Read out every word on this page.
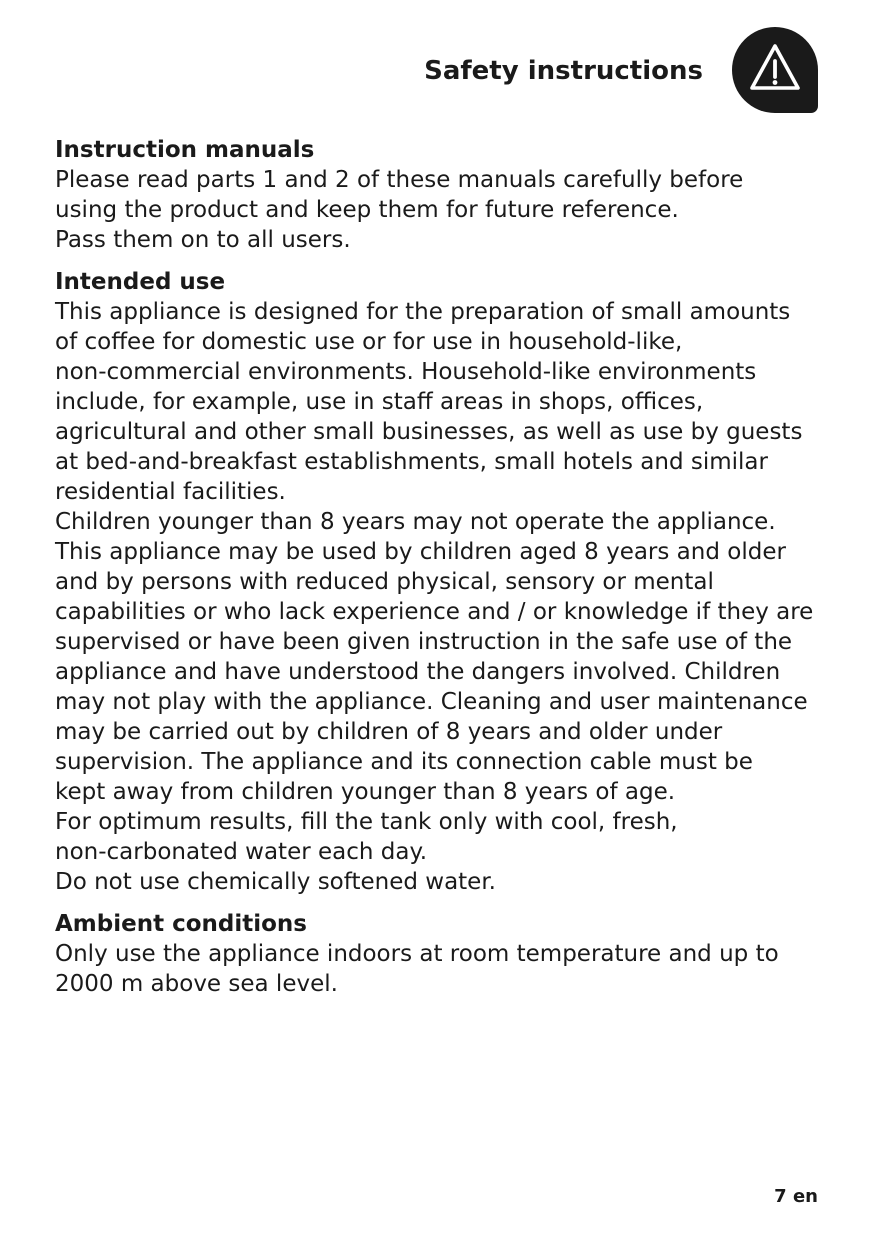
Safety instructions
Instruction manuals

Please read parts 1 and 2 of these manuals carefully before
using the product and keep them for future reference.
Pass them on to all users.

Intended use

This appliance is designed for the preparation of small amounts
of coffee for domestic use or for use in household-like,
non-commercial environments. Household-like environments
include, for example, use in staff areas in shops, offices,
agricultural and other small businesses, as well as use by guests
at bed-and-breakfast establishments, small hotels and similar
residential facilities.

Children younger than 8 years may not operate the appliance.
This appliance may be used by children aged 8 years and older
and by persons with reduced physical, sensory or mental
capabilities or who lack experience and / or knowledge if they are
supervised or have been given instruction in the safe use of the
appliance and have understood the dangers involved. Children
may not play with the appliance. Cleaning and user maintenance
may be carried out by children of 8 years and older under
supervision. The appliance and its connection cable must be
kept away from children younger than 8 years of age.

For optimum results, fill the tank only with cool, fresh,
non-carbonated water each day.
Do not use chemically softened water.

Ambient conditions

Only use the appliance indoors at room temperature and up to
2000 m above sea level.

7 en
